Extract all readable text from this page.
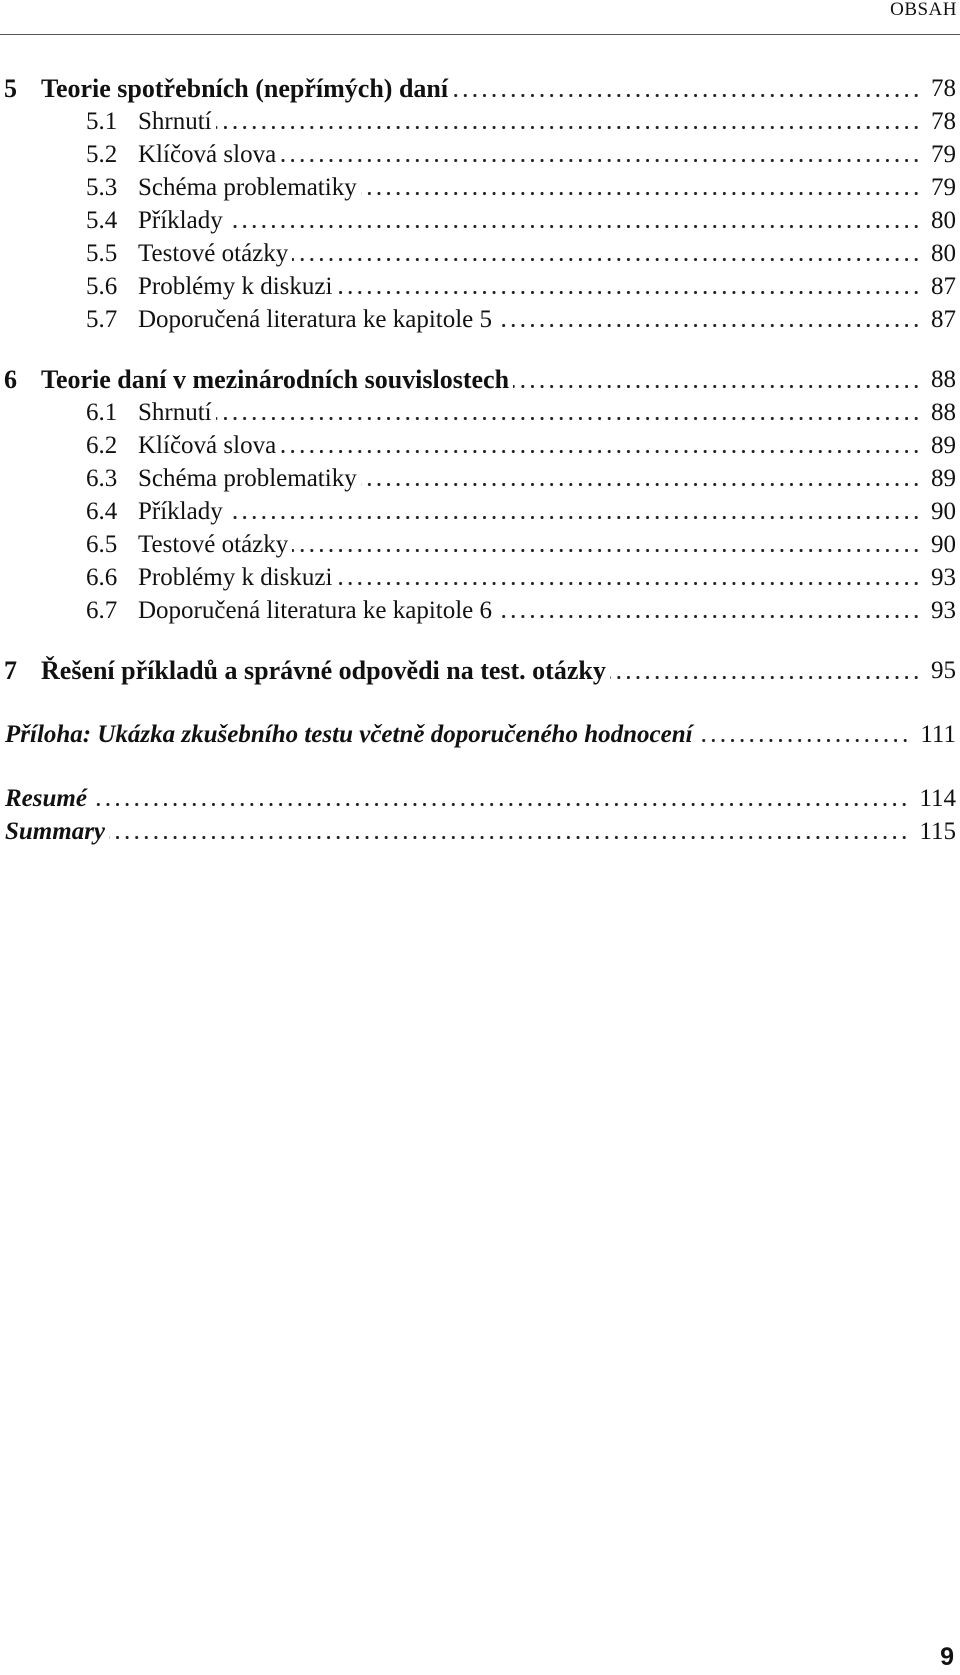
OBSAH
5 Teorie spotřebních (nepřímých) daní	78
5.1 Shrnutí	78
5.2 Klíčová slova	79
5.3 Schéma problematiky	79
5.4 Příklady	80
5.5 Testové otázky	80
5.6 Problémy k diskuzi	87
5.7 Doporučená literatura ke kapitole 5	87
6 Teorie daní v mezinárodních souvislostech	88
6.1 Shrnutí	88
6.2 Klíčová slova	89
6.3 Schéma problematiky	89
6.4 Příklady	90
6.5 Testové otázky	90
6.6 Problémy k diskuzi	93
6.7 Doporučená literatura ke kapitole 6	93
7 Řešení příkladů a správné odpovědi na test. otázky	95
Příloha: Ukázka zkušebního testu včetně doporučeného hodnocení	111
Resumé	114
Summary	115
9
